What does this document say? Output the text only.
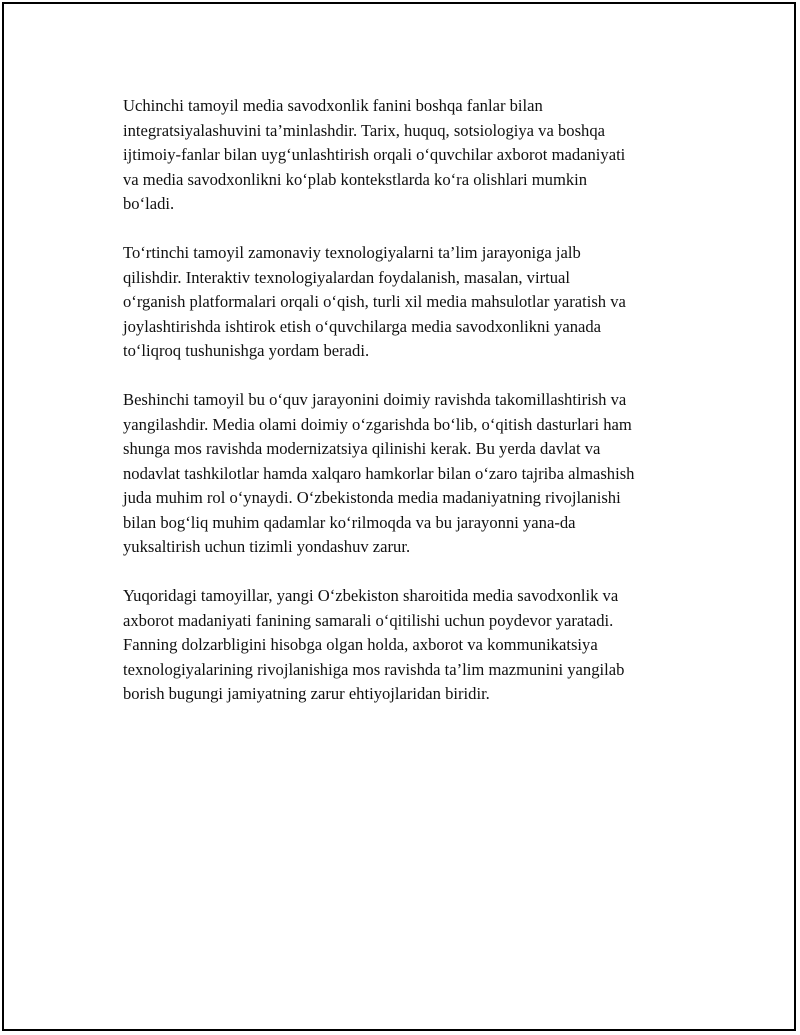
Uchinchi tamoyil media savodxonlik fanini boshqa fanlar bilan
integratsiyalashuvini ta’minlashdir. Tarix, huquq, sotsiologiya va boshqa
ijtimoiy-fanlar bilan uyg‘unlashtirish orqali o‘quvchilar axborot madaniyati
va media savodxonlikni ko‘plab kontekstlarda ko‘ra olishlari mumkin
bo‘ladi.

To‘rtinchi tamoyil zamonaviy texnologiyalarni ta’lim jarayoniga jalb
qilishdir. Interaktiv texnologiyalardan foydalanish, masalan, virtual
o‘rganish platformalari orqali o‘qish, turli xil media mahsulotlar yaratish va
joylashtirishda ishtirok etish o‘quvchilarga media savodxonlikni yanada
to‘liqroq tushunishga yordam beradi.

Beshinchi tamoyil bu o‘quv jarayonini doimiy ravishda takomillashtirish va
yangilashdir. Media olami doimiy o‘zgarishda bo‘lib, o‘qitish dasturlari ham
shunga mos ravishda modernizatsiya qilinishi kerak. Bu yerda davlat va
nodavlat tashkilotlar hamda xalqaro hamkorlar bilan o‘zaro tajriba almashish
juda muhim rol o‘ynaydi. O‘zbekistonda media madaniyatning rivojlanishi
bilan bog‘liq muhim qadamlar ko‘rilmoqda va bu jarayonni yana-da
yuksaltirish uchun tizimli yondashuv zarur.

Yuqoridagi tamoyillar, yangi O‘zbekiston sharoitida media savodxonlik va
axborot madaniyati fanining samarali o‘qitilishi uchun poydevor yaratadi.
Fanning dolzarbligini hisobga olgan holda, axborot va kommunikatsiya
texnologiyalarining rivojlanishiga mos ravishda ta’lim mazmunini yangilab
borish bugungi jamiyatning zarur ehtiyojlaridan biridir.
